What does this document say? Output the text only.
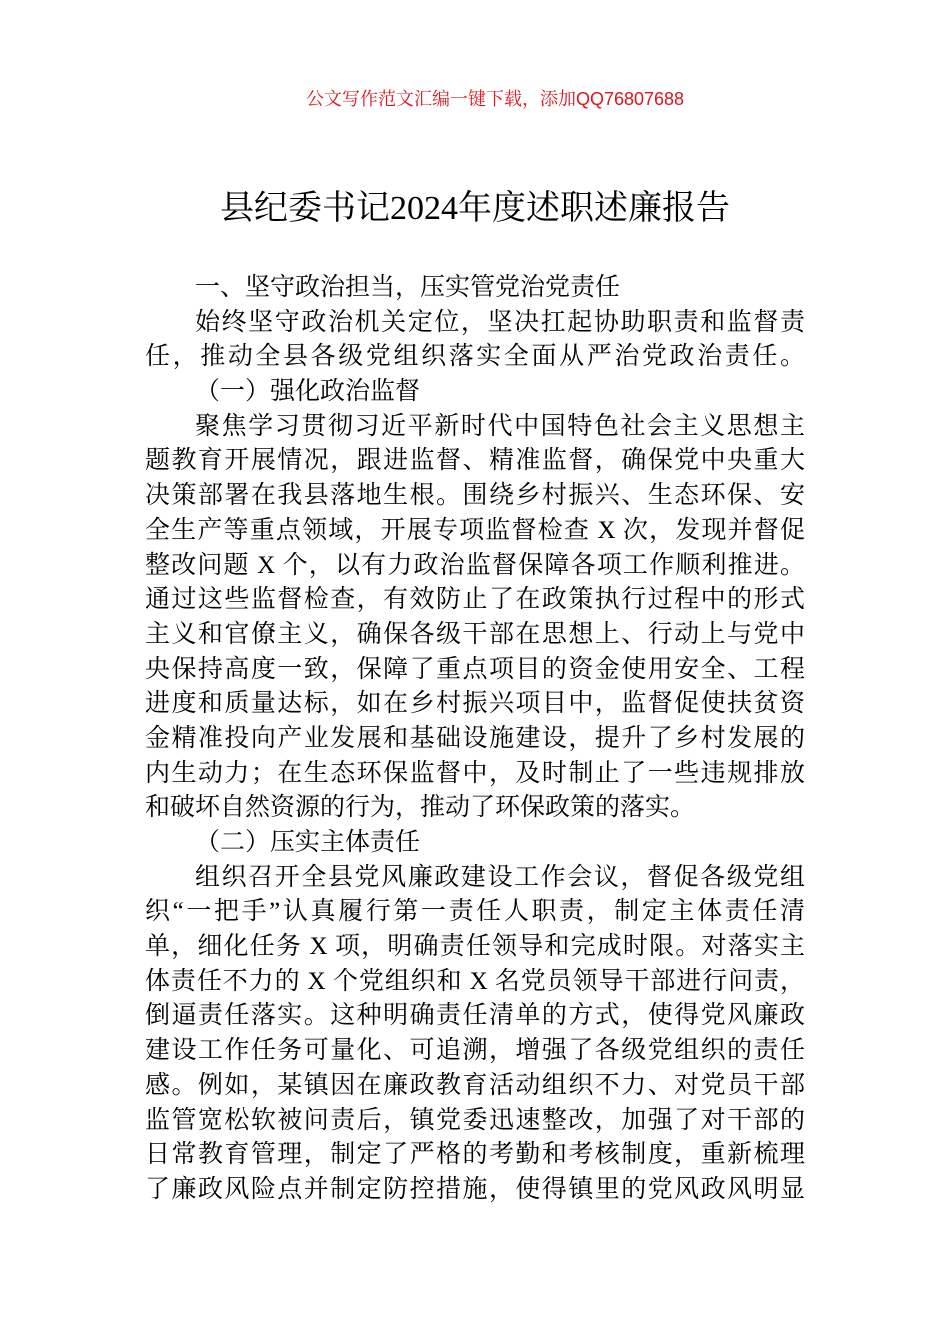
公文写作范文汇编一键下载，添加QQ76807688
县纪委书记2024年度述职述廉报告
一、坚守政治担当，压实管党治党责任
始终坚守政治机关定位，坚决扛起协助职责和监督责
任，推动全县各级党组织落实全面从严治党政治责任。
（一）强化政治监督
聚焦学习贯彻习近平新时代中国特色社会主义思想主
题教育开展情况，跟进监督、精准监督，确保党中央重大
决策部署在我县落地生根。围绕乡村振兴、生态环保、安
全生产等重点领域，开展专项监督检查 X 次，发现并督促
整改问题 X 个，以有力政治监督保障各项工作顺利推进。
通过这些监督检查，有效防止了在政策执行过程中的形式
主义和官僚主义，确保各级干部在思想上、行动上与党中
央保持高度一致，保障了重点项目的资金使用安全、工程
进度和质量达标，如在乡村振兴项目中，监督促使扶贫资
金精准投向产业发展和基础设施建设，提升了乡村发展的
内生动力；在生态环保监督中，及时制止了一些违规排放
和破坏自然资源的行为，推动了环保政策的落实。
（二）压实主体责任
组织召开全县党风廉政建设工作会议，督促各级党组
织“一把手”认真履行第一责任人职责，制定主体责任清
单，细化任务 X 项，明确责任领导和完成时限。对落实主
体责任不力的 X 个党组织和 X 名党员领导干部进行问责，
倒逼责任落实。这种明确责任清单的方式，使得党风廉政
建设工作任务可量化、可追溯，增强了各级党组织的责任
感。例如，某镇因在廉政教育活动组织不力、对党员干部
监管宽松软被问责后，镇党委迅速整改，加强了对干部的
日常教育管理，制定了严格的考勤和考核制度，重新梳理
了廉政风险点并制定防控措施，使得镇里的党风政风明显
